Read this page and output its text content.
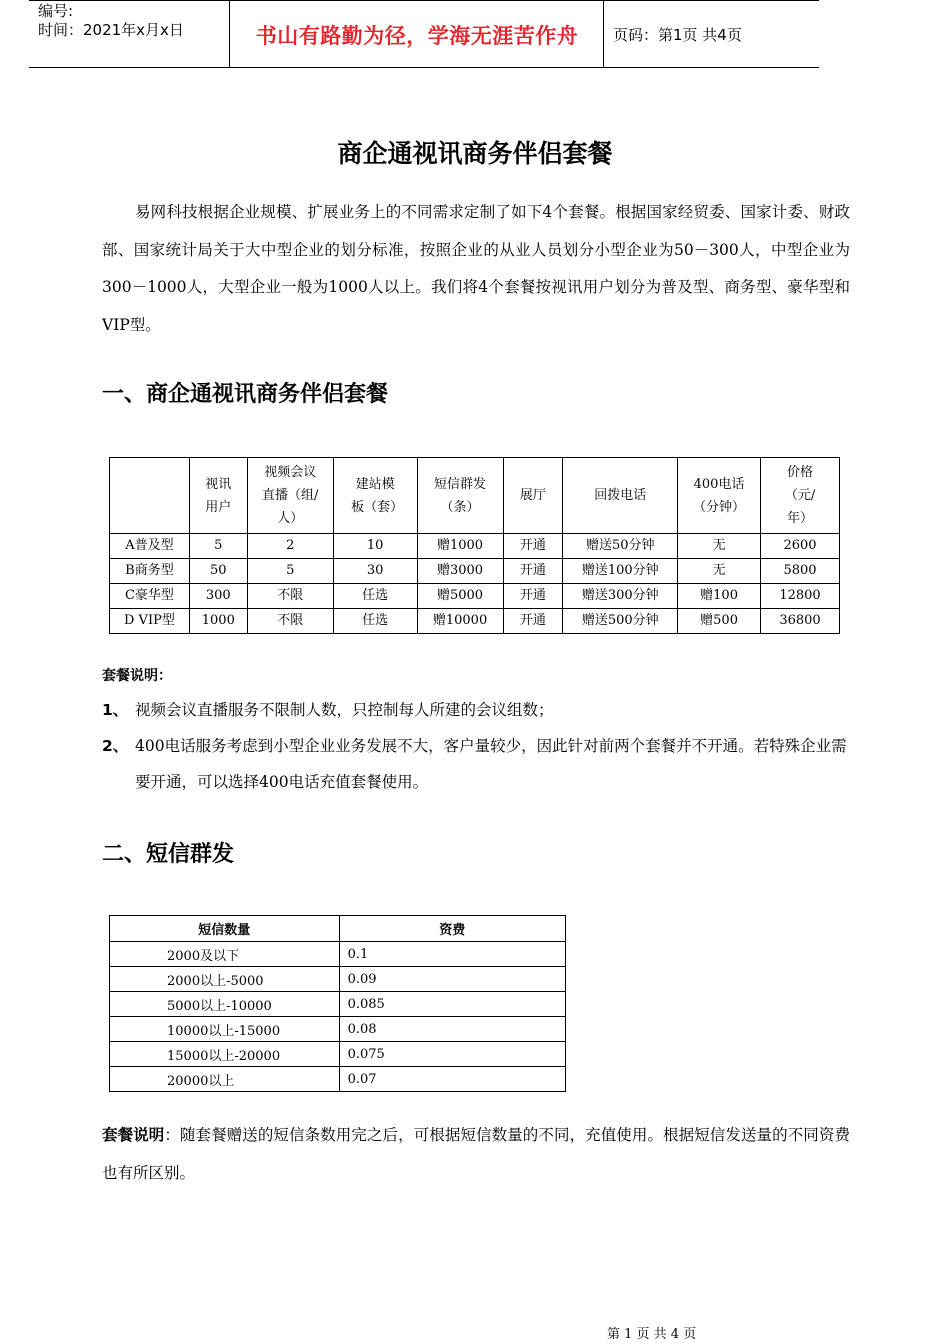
编号:
时间：2021年x月x日	书山有路勤为径，学海无涯苦作舟	页码：第1页 共4页
商企通视讯商务伴侣套餐
易网科技根据企业规模、扩展业务上的不同需求定制了如下4个套餐。根据国家经贸委、国家计委、财政部、国家统计局关于大中型企业的划分标准，按照企业的从业人员划分小型企业为50－300人，中型企业为300－1000人，大型企业一般为1000人以上。我们将4个套餐按视讯用户划分为普及型、商务型、豪华型和VIP型。
一、商企通视讯商务伴侣套餐

	视讯用户	视频会议直播（组/人）	建站模板（套）	短信群发（条）	展厅	回拨电话	400电话（分钟）	价格（元/年）

A普及型	5	2	10	赠1000	开通	赠送50分钟	无	2600
B商务型	50	5	30	赠3000	开通	赠送100分钟	无	5800
C豪华型	300	不限	任选	赠5000	开通	赠送300分钟	赠100	12800
D VIP型	1000	不限	任选	赠10000	开通	赠送500分钟	赠500	36800
套餐说明：
1、 视频会议直播服务不限制人数，只控制每人所建的会议组数；
2、 400电话服务考虑到小型企业业务发展不大，客户量较少，因此针对前两个套餐并不开通。若特殊企业需要开通，可以选择400电话充值套餐使用。
二、短信群发
短信数量	资费
2000及以下	0.1
2000以上-5000	0.09
5000以上-10000	0.085
10000以上-15000	0.08
15000以上-20000	0.075
20000以上	0.07
套餐说明：随套餐赠送的短信条数用完之后，可根据短信数量的不同，充值使用。根据短信发送量的不同资费也有所区别。
第 1 页 共 4 页
